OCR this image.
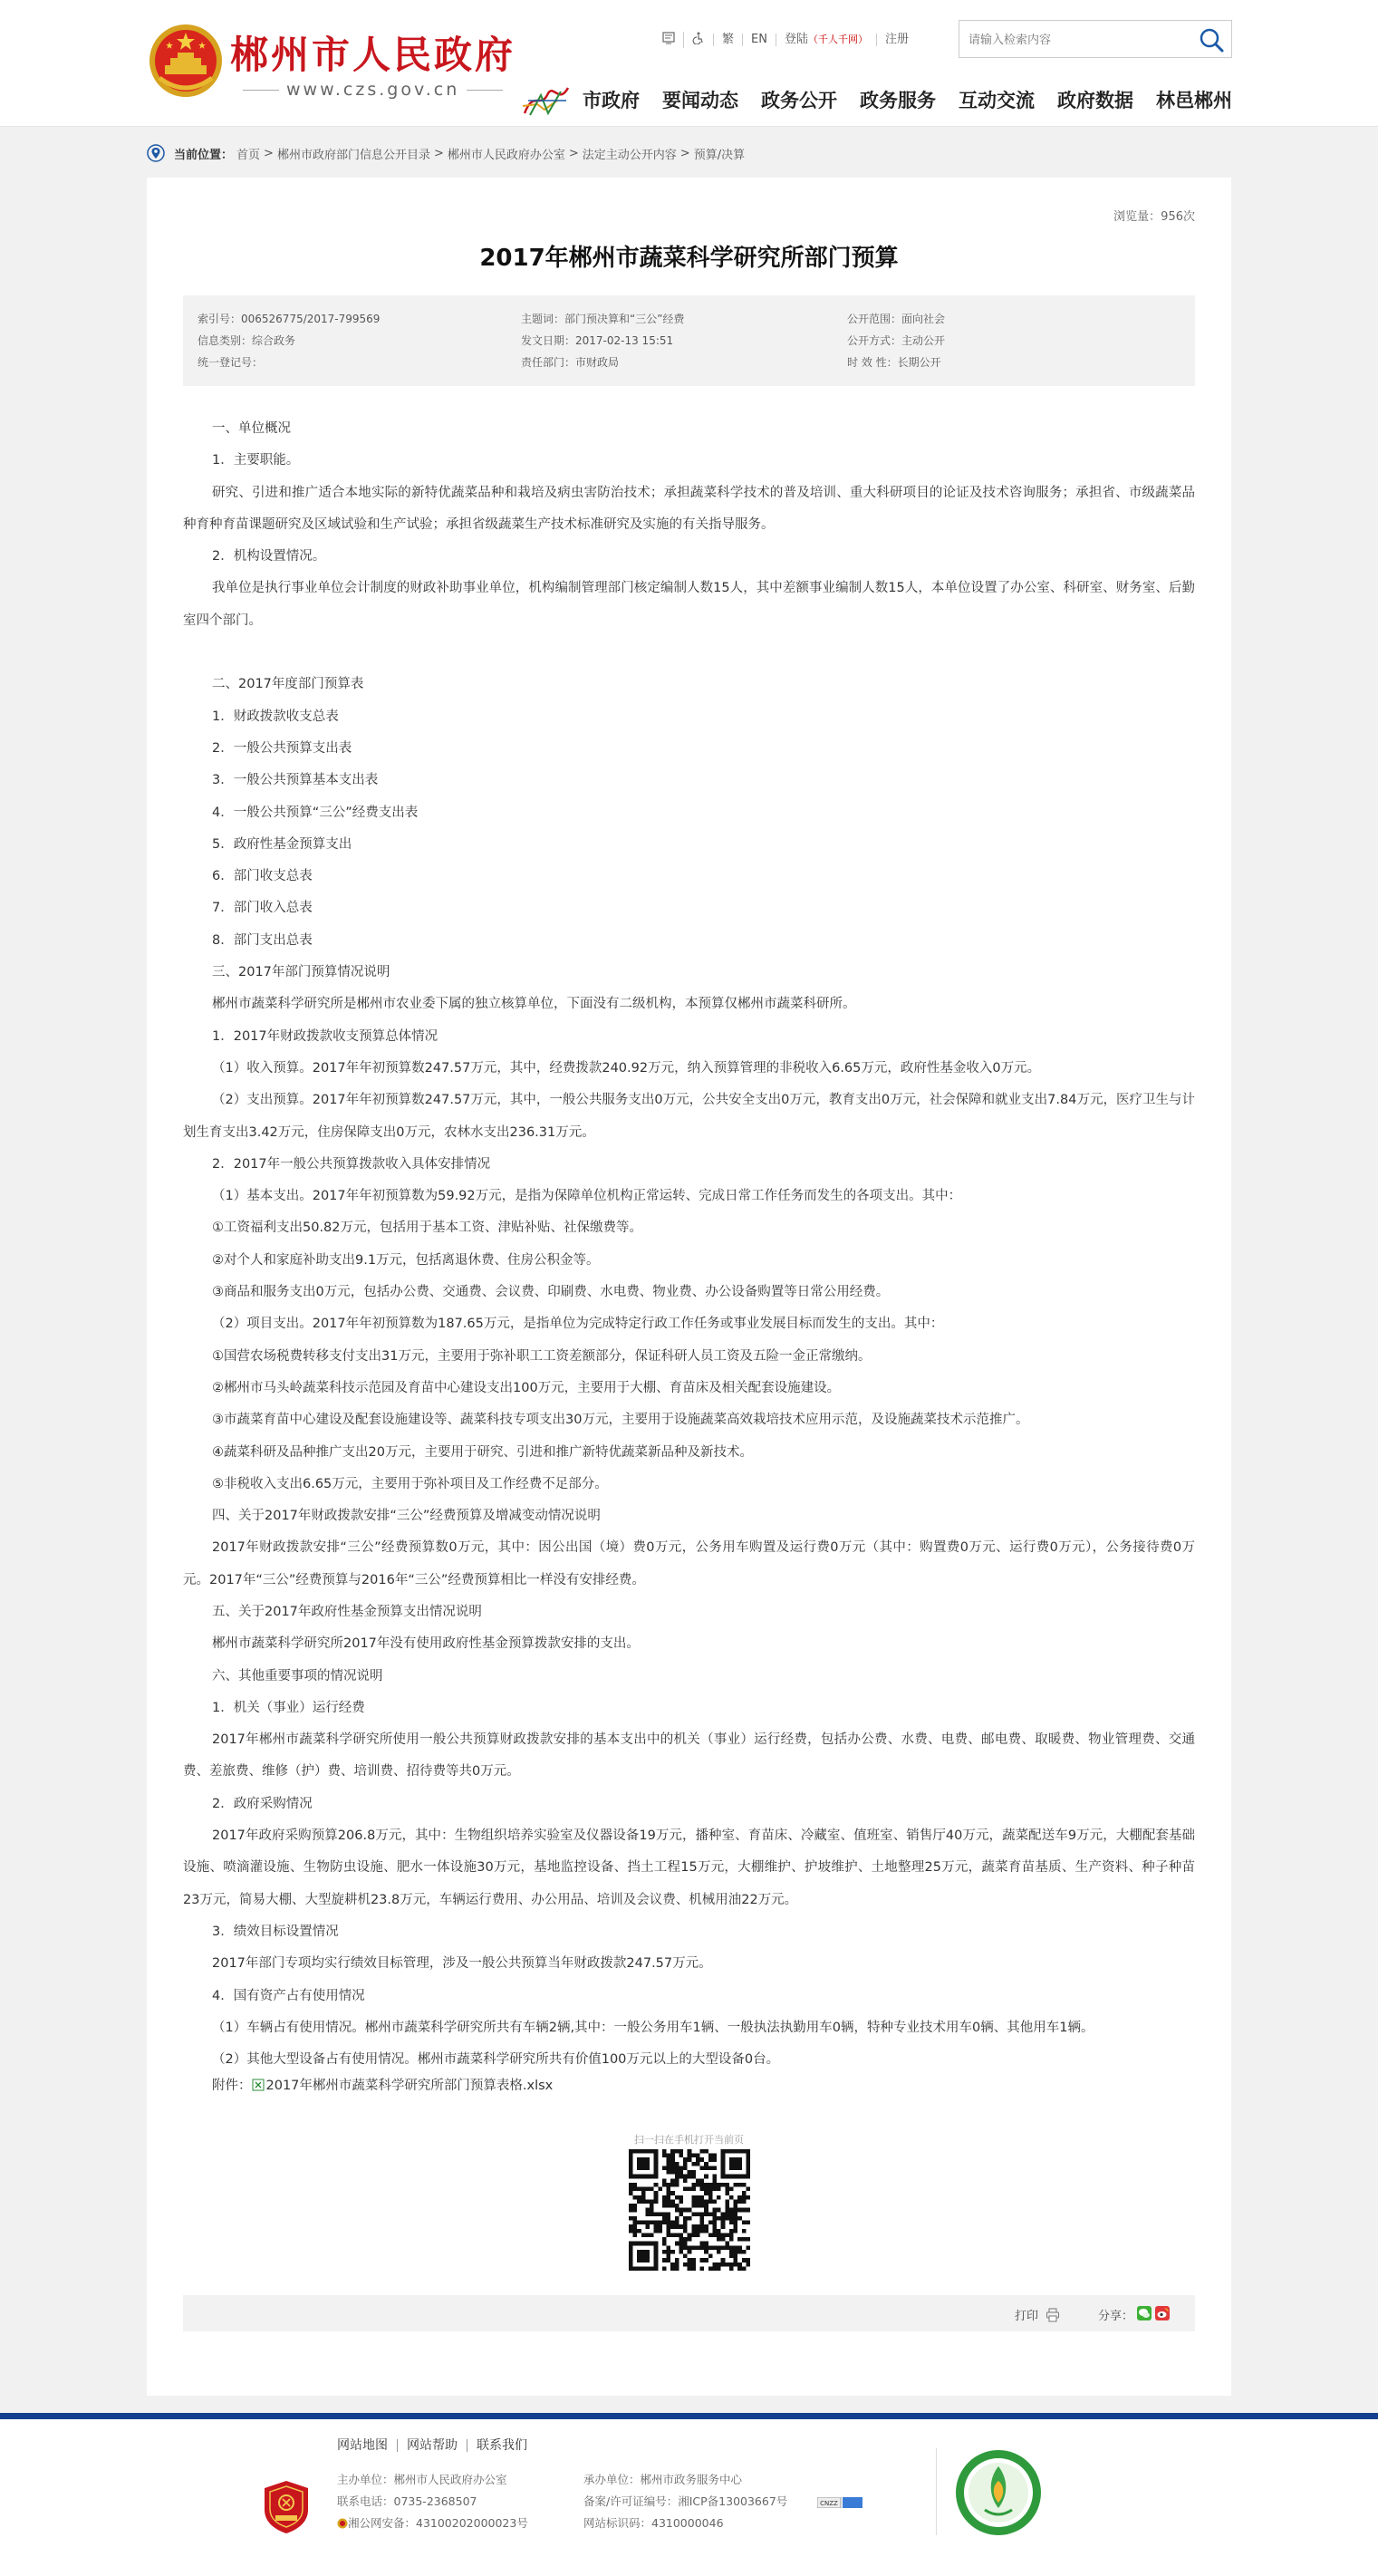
郴州市人民政府
www.czs.gov.cn
繁	EN	登陆（千人千网）	注册
请输入检索内容
市政府 要闻动态 政务公开 政务服务 互动交流 政府数据 林邑郴州
当前位置： 首页 > 郴州市政府部门信息公开目录 > 郴州市人民政府办公室 > 法定主动公开内容 > 预算/决算
浏览量：956次
2017年郴州市蔬菜科学研究所部门预算
索引号：006526775/2017-799569	主题词：部门预决算和“三公”经费	公开范围：面向社会
信息类别：综合政务	发文日期：2017-02-13 15:51	公开方式：主动公开
统一登记号：	责任部门：市财政局	时 效 性：长期公开

一、单位概况

1．主要职能。

研究、引进和推广适合本地实际的新特优蔬菜品种和栽培及病虫害防治技术；承担蔬菜科学技术的普及培训、重大科研项目的论证及技术咨询服务；承担省、市级蔬菜品种育种育苗课题研究及区域试验和生产试验；承担省级蔬菜生产技术标准研究及实施的有关指导服务。

2．机构设置情况。

我单位是执行事业单位会计制度的财政补助事业单位，机构编制管理部门核定编制人数15人，其中差额事业编制人数15人，本单位设置了办公室、科研室、财务室、后勤室四个部门。

二、2017年度部门预算表

1．财政拨款收支总表

2．一般公共预算支出表

3．一般公共预算基本支出表

4．一般公共预算“三公”经费支出表

5．政府性基金预算支出

6．部门收支总表

7．部门收入总表

8．部门支出总表

三、2017年部门预算情况说明

郴州市蔬菜科学研究所是郴州市农业委下属的独立核算单位，下面没有二级机构，本预算仅郴州市蔬菜科研所。

1．2017年财政拨款收支预算总体情况

（1）收入预算。2017年年初预算数247.57万元，其中，经费拨款240.92万元，纳入预算管理的非税收入6.65万元，政府性基金收入0万元。

（2）支出预算。2017年年初预算数247.57万元，其中，一般公共服务支出0万元，公共安全支出0万元，教育支出0万元，社会保障和就业支出7.84万元，医疗卫生与计划生育支出3.42万元，住房保障支出0万元，农林水支出236.31万元。

2．2017年一般公共预算拨款收入具体安排情况

（1）基本支出。2017年年初预算数为59.92万元，是指为保障单位机构正常运转、完成日常工作任务而发生的各项支出。其中：

①工资福利支出50.82万元，包括用于基本工资、津贴补贴、社保缴费等。

②对个人和家庭补助支出9.1万元，包括离退休费、住房公积金等。

③商品和服务支出0万元，包括办公费、交通费、会议费、印刷费、水电费、物业费、办公设备购置等日常公用经费。

（2）项目支出。2017年年初预算数为187.65万元，是指单位为完成特定行政工作任务或事业发展目标而发生的支出。其中：

①国营农场税费转移支付支出31万元，主要用于弥补职工工资差额部分，保证科研人员工资及五险一金正常缴纳。

②郴州市马头岭蔬菜科技示范园及育苗中心建设支出100万元，主要用于大棚、育苗床及相关配套设施建设。

③市蔬菜育苗中心建设及配套设施建设等、蔬菜科技专项支出30万元，主要用于设施蔬菜高效栽培技术应用示范，及设施蔬菜技术示范推广。

④蔬菜科研及品种推广支出20万元，主要用于研究、引进和推广新特优蔬菜新品种及新技术。

⑤非税收入支出6.65万元，主要用于弥补项目及工作经费不足部分。

四、关于2017年财政拨款安排“三公”经费预算及增减变动情况说明

2017年财政拨款安排“三公”经费预算数0万元，其中：因公出国（境）费0万元，公务用车购置及运行费0万元（其中：购置费0万元、运行费0万元），公务接待费0万元。2017年“三公”经费预算与2016年“三公”经费预算相比一样没有安排经费。

五、关于2017年政府性基金预算支出情况说明

郴州市蔬菜科学研究所2017年没有使用政府性基金预算拨款安排的支出。

六、其他重要事项的情况说明

1．机关（事业）运行经费

2017年郴州市蔬菜科学研究所使用一般公共预算财政拨款安排的基本支出中的机关（事业）运行经费，包括办公费、水费、电费、邮电费、取暖费、物业管理费、交通费、差旅费、维修（护）费、培训费、招待费等共0万元。

2．政府采购情况

2017年政府采购预算206.8万元，其中：生物组织培养实验室及仪器设备19万元，播种室、育苗床、冷藏室、值班室、销售厅40万元，蔬菜配送车9万元，大棚配套基础设施、喷滴灌设施、生物防虫设施、肥水一体设施30万元，基地监控设备、挡土工程15万元，大棚维护、护坡维护、土地整理25万元，蔬菜育苗基质、生产资料、种子种苗23万元，简易大棚、大型旋耕机23.8万元，车辆运行费用、办公用品、培训及会议费、机械用油22万元。

3．绩效目标设置情况

2017年部门专项均实行绩效目标管理，涉及一般公共预算当年财政拨款247.57万元。

4．国有资产占有使用情况

（1）车辆占有使用情况。郴州市蔬菜科学研究所共有车辆2辆,其中：一般公务用车1辆、一般执法执勤用车0辆，特种专业技术用车0辆、其他用车1辆。

（2）其他大型设备占有使用情况。郴州市蔬菜科学研究所共有价值100万元以上的大型设备0台。

附件： 2017年郴州市蔬菜科学研究所部门预算表格.xlsx
扫一扫在手机打开当前页
打印	分享：
网站地图	网站帮助	联系我们
主办单位：郴州市人民政府办公室	承办单位：郴州市政务服务中心
联系电话：0735-2368507	备案/许可证编号：湘ICP备13003667号	CNZZ
湘公网安备：43100202000023号	网站标识码：4310000046
